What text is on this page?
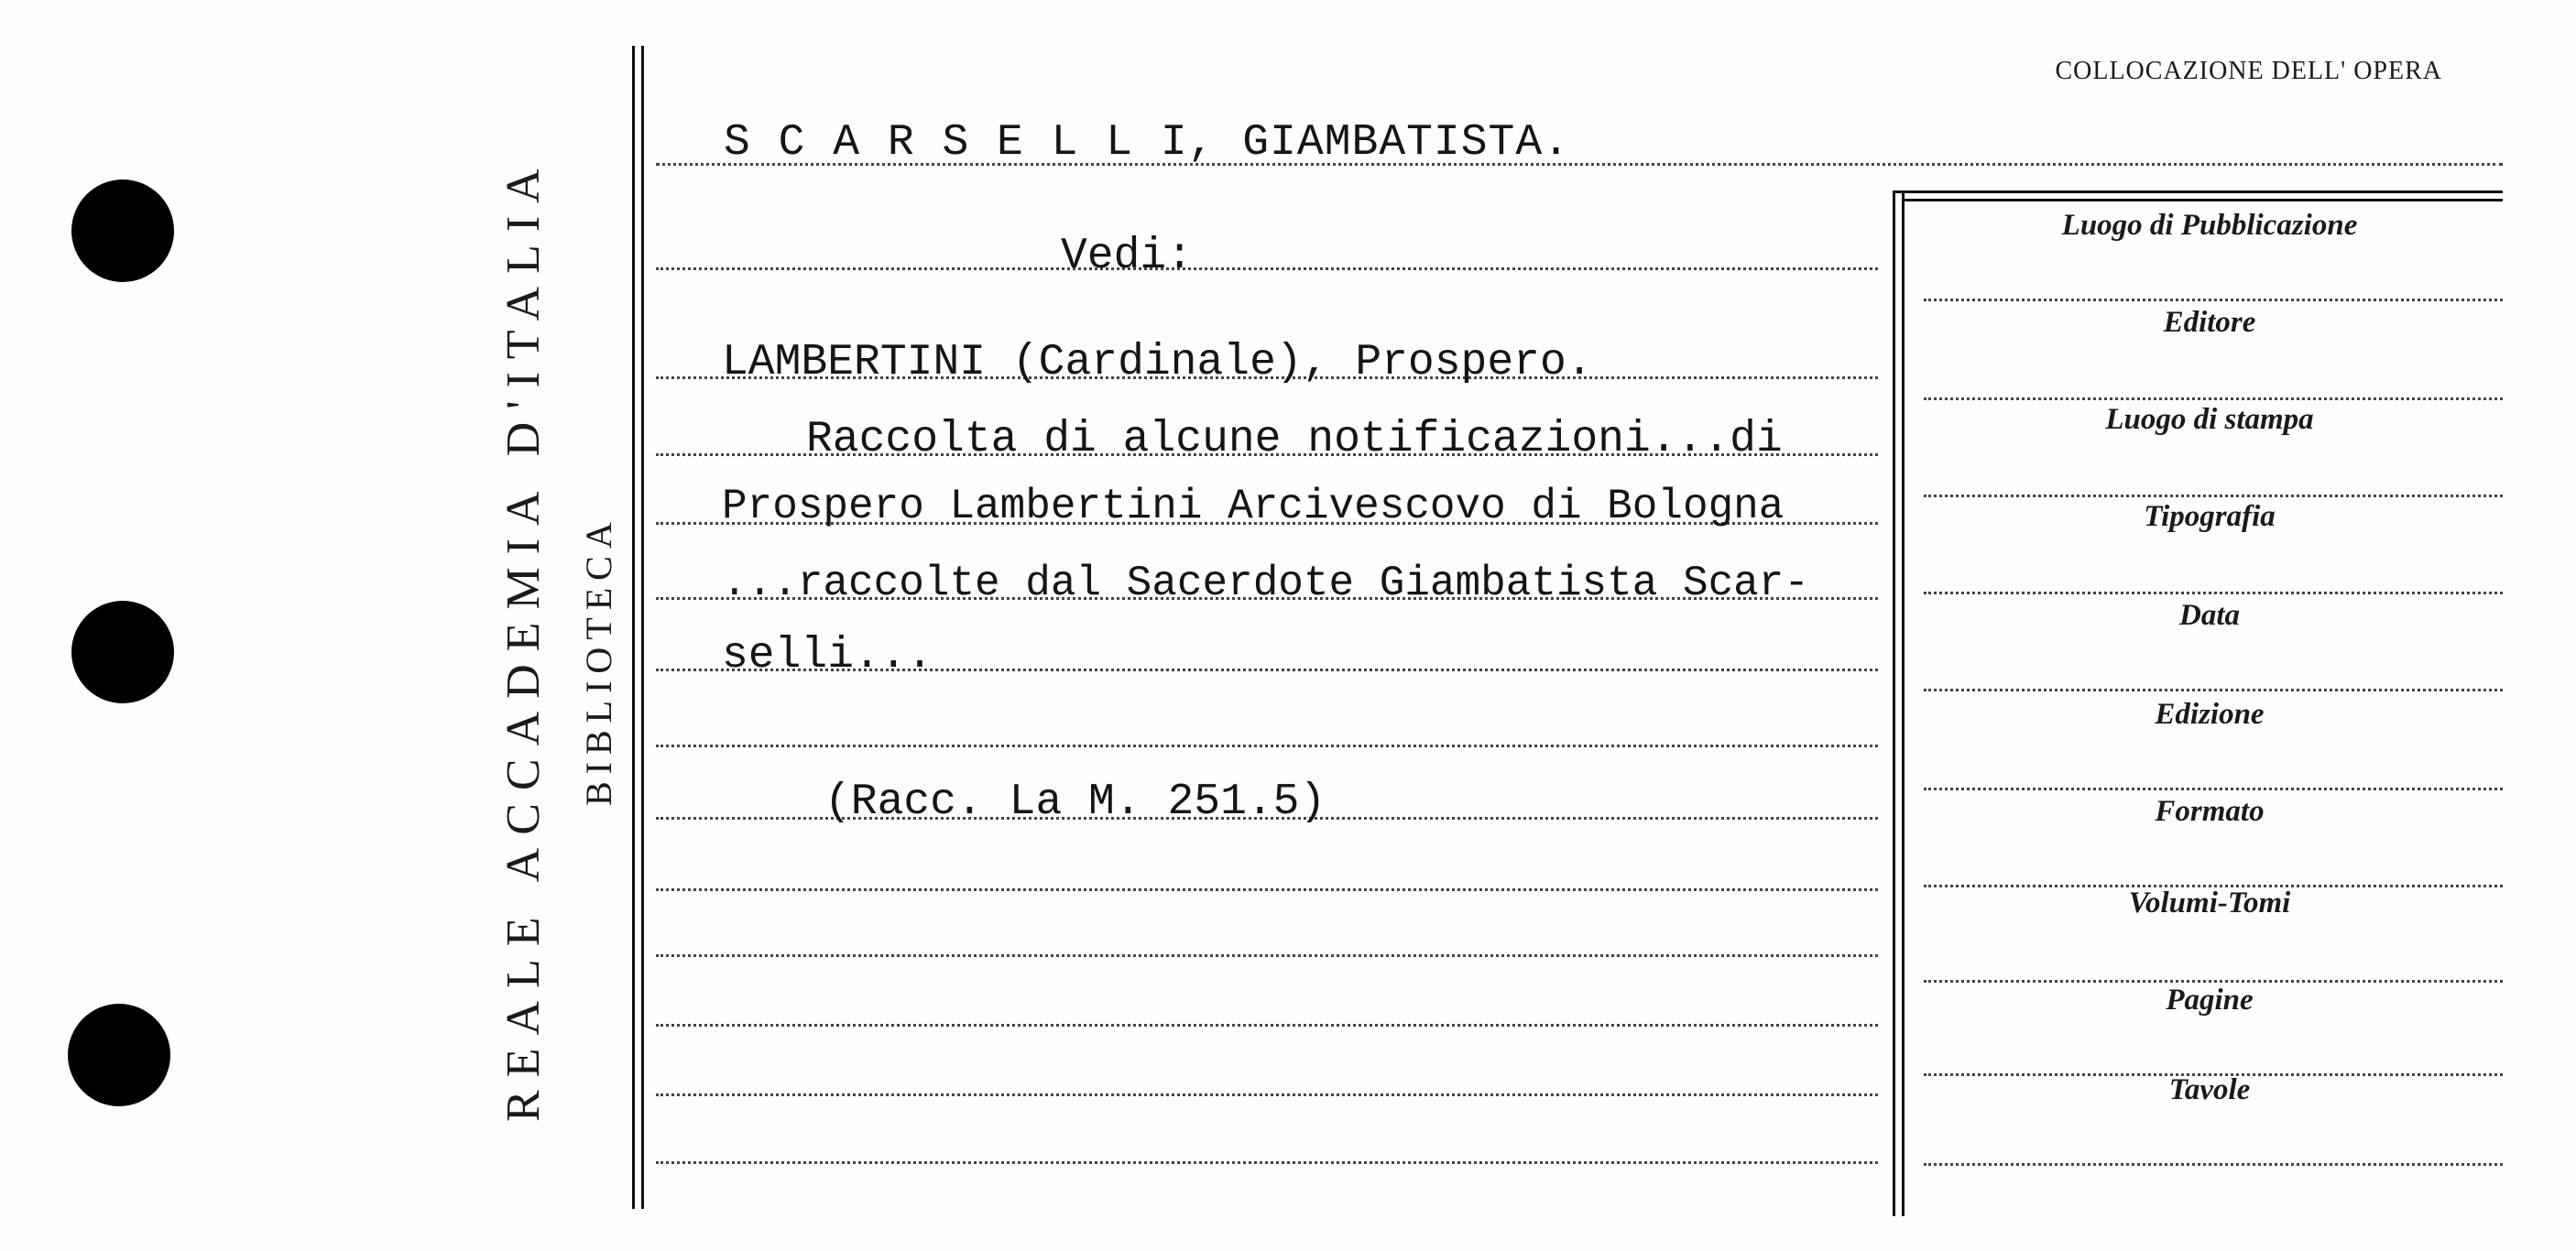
REALE ACCADEMIA D'ITALIA BIBLIOTECA
COLLOCAZIONE DELL' OPERA
S C A R S E L L I, GIAMBATISTA.
Vedi:
LAMBERTINI (Cardinale), Prospero.
Raccolta di alcune notificazioni...di
Prospero Lambertini Arcivescovo di Bologna
...raccolte dal Sacerdote Giambatista Scar-
selli...
(Racc. La M. 251.5)
Luogo di Pubblicazione
Editore
Luogo di stampa
Tipografia
Data
Edizione
Formato
Volumi-Tomi
Pagine
Tavole
